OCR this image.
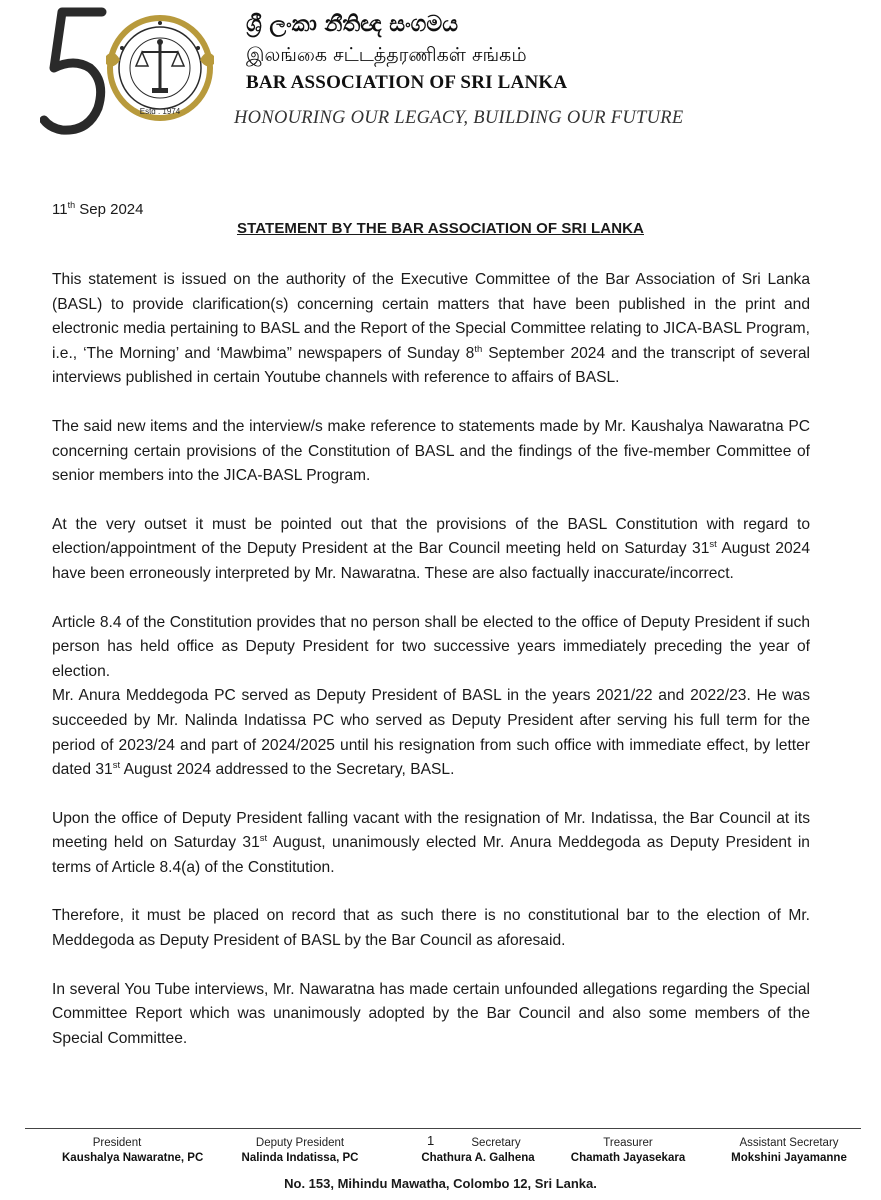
Estd . 1974
ශ්‍රී ලංකා නීතිඥ සංගමය
இலங்கை சட்டத்தரணிகள் சங்கம்
BAR ASSOCIATION OF SRI LANKA
HONOURING OUR LEGACY, BUILDING OUR FUTURE
11th Sep 2024
STATEMENT BY THE BAR ASSOCIATION OF SRI LANKA

This statement is issued on the authority of the Executive Committee of the Bar Association of Sri Lanka (BASL) to provide clarification(s) concerning certain matters that have been published in the print and electronic media pertaining to BASL and the Report of the Special Committee relating to JICA-BASL Program, i.e., ‘The Morning’ and ‘Mawbima” newspapers of Sunday 8th September 2024 and the transcript of several interviews published in certain Youtube channels with reference to affairs of BASL.

The said new items and the interview/s make reference to statements made by Mr. Kaushalya Nawaratna PC concerning certain provisions of the Constitution of BASL and the findings of the five-member Committee of senior members into the JICA-BASL Program.

At the very outset it must be pointed out that the provisions of the BASL Constitution with regard to election/appointment of the Deputy President at the Bar Council meeting held on Saturday 31st August 2024 have been erroneously interpreted by Mr. Nawaratna. These are also factually inaccurate/incorrect.

Article 8.4 of the Constitution provides that no person shall be elected to the office of Deputy President if such person has held office as Deputy President for two successive years immediately preceding the year of election.

Mr. Anura Meddegoda PC served as Deputy President of BASL in the years 2021/22 and 2022/23. He was succeeded by Mr. Nalinda Indatissa PC who served as Deputy President after serving his full term for the period of 2023/24 and part of 2024/2025 until his resignation from such office with immediate effect, by letter dated 31st August 2024 addressed to the Secretary, BASL.

Upon the office of Deputy President falling vacant with the resignation of Mr. Indatissa, the Bar Council at its meeting held on Saturday 31st August, unanimously elected Mr. Anura Meddegoda as Deputy President in terms of Article 8.4(a) of the Constitution.

Therefore, it must be placed on record that as such there is no constitutional bar to the election of Mr. Meddegoda as Deputy President of BASL by the Bar Council as aforesaid.

In several You Tube interviews, Mr. Nawaratna has made certain unfounded allegations regarding the Special Committee Report which was unanimously adopted by the Bar Council and also some members of the Special Committee.

1
President
Kaushalya Nawaratne, PC
Deputy President
Nalinda Indatissa, PC
Secretary
Chathura A. Galhena
Treasurer
Chamath Jayasekara
Assistant Secretary
Mokshini Jayamanne
No. 153, Mihindu Mawatha, Colombo 12, Sri Lanka.
